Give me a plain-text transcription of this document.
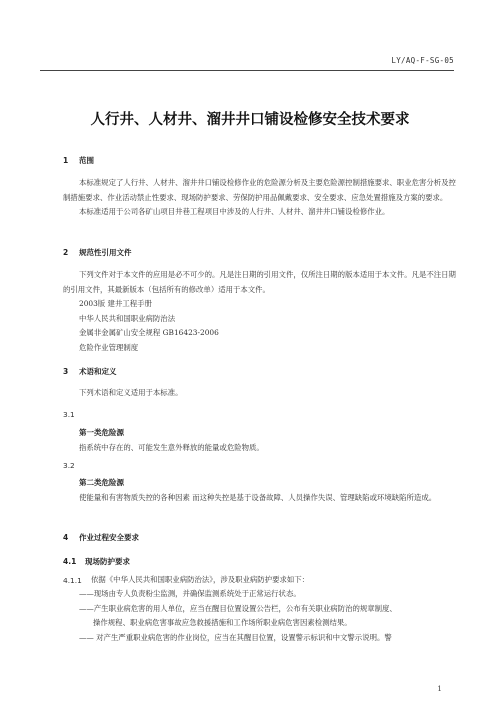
LY/AQ-F-SG-05
人行井、人材井、溜井井口铺设检修安全技术要求
1 范围

本标准规定了人行井、人材井、溜井井口铺设检修作业的危险源分析及主要危险源控制措施要求、职业危害分析及控制措施要求、作业活动禁止性要求、现场防护要求、劳保防护用品佩戴要求、安全要求、应急处置措施及方案的要求。

本标准适用于公司各矿山项目井巷工程项目中涉及的人行井、人材井、溜井井口铺设检修作业。

2 规范性引用文件

下列文件对于本文件的应用是必不可少的。凡是注日期的引用文件，仅所注日期的版本适用于本文件。凡是不注日期的引用文件，其最新版本（包括所有的修改单）适用于本文件。

2003版 建井工程手册

中华人民共和国职业病防治法

金属非金属矿山安全规程 GB16423-2006

危险作业管理制度

3 术语和定义

下列术语和定义适用于本标准。

3.1

第一类危险源

指系统中存在的、可能发生意外释放的能量或危险物质。

3.2

第二类危险源

使能量和有害物质失控的各种因素 而这种失控是基于设备故障、人员操作失误、管理缺陷或环境缺陷所造成。

4 作业过程安全要求
4.1 现场防护要求
4.1.1 依据《中华人民共和国职业病防治法》，涉及职业病防护要求如下：

——现场由专人负责粉尘监测，并确保监测系统处于正常运行状态。

——产生职业病危害的用人单位，应当在醒目位置设置公告栏，公布有关职业病防治的规章制度、

操作规程、职业病危害事故应急救援措施和工作场所职业病危害因素检测结果。

—— 对产生严重职业病危害的作业岗位，应当在其醒目位置，设置警示标识和中文警示说明。警

1
